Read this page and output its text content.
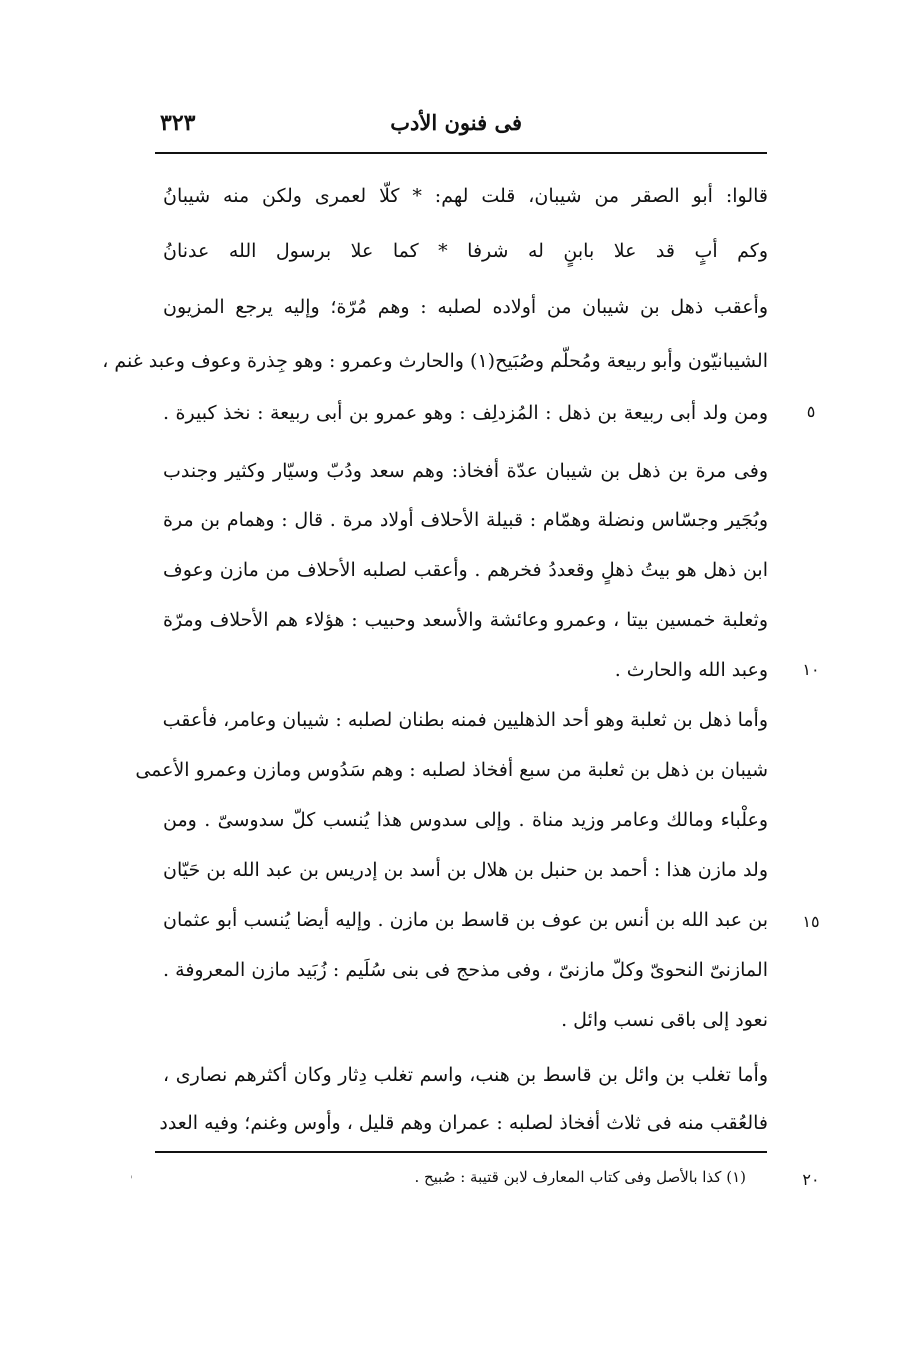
فى فنون الأدب
٣٢٣
قالوا: أبو الصقر من شيبان، قلت لهم: * كلّا لعمرى ولكن منه شيبانُ
وكم أبٍ قد علا بابنٍ له شرفا * كما علا برسول الله عدنانُ
وأعقب ذهل بن شيبان من أولاده لصلبه : وهم مُرّة؛ وإليه يرجع المزيون
الشيبانيّون وأبو ربيعة ومُحلّم وصُبَيح(١) والحارث وعمرو : وهو جِذرة وعوف وعبد غنم ،
ومن ولد أبى ربيعة بن ذهل : المُزدلِف : وهو عمرو بن أبى ربيعة : نخذ كبيرة .
وفى مرة بن ذهل بن شيبان عدّة أفخاذ: وهم سعد ودُبّ وسيّار وكثير وجندب
وبُجَير وجسّاس ونضلة وهمّام : قبيلة الأحلاف أولاد مرة . قال : وهمام بن مرة
ابن ذهل هو بيتُ ذهلٍ وقعددُ فخرهم . وأعقب لصلبه الأحلاف من مازن وعوف
وثعلبة خمسين بيتا ، وعمرو وعائشة والأسعد وحبيب : هؤلاء هم الأحلاف ومرّة
وعبد الله والحارث .
وأما ذهل بن ثعلبة وهو أحد الذهليين فمنه بطنان لصلبه : شيبان وعامر، فأعقب
شيبان بن ذهل بن ثعلبة من سبع أفخاذ لصلبه : وهم سَدُوس ومازن وعمرو الأعمى
وعلْباء ومالك وعامر وزيد مناة . وإلى سدوس هذا يُنسب كلّ سدوسىّ . ومن
ولد مازن هذا : أحمد بن حنبل بن هلال بن أسد بن إدريس بن عبد الله بن حَيّان
بن عبد الله بن أنس بن عوف بن قاسط بن مازن . وإليه أيضا يُنسب أبو عثمان
المازنىّ النحوىّ وكلّ مازنىّ ، وفى مذحج فى بنى سُلَيم : زُبَيد مازن المعروفة .
نعود إلى باقى نسب وائل .
وأما تغلب بن وائل بن قاسط بن هنب، واسم تغلب دِثار وكان أكثرهم نصارى ،
فالعُقب منه فى ثلاث أفخاذ لصلبه : عمران وهم قليل ، وأوس وغنم؛ وفيه العدد
٥
١٠
١٥
٢٠
(١) كذا بالأصل وفى كتاب المعارف لابن قتيبة : صُبيح .
'
